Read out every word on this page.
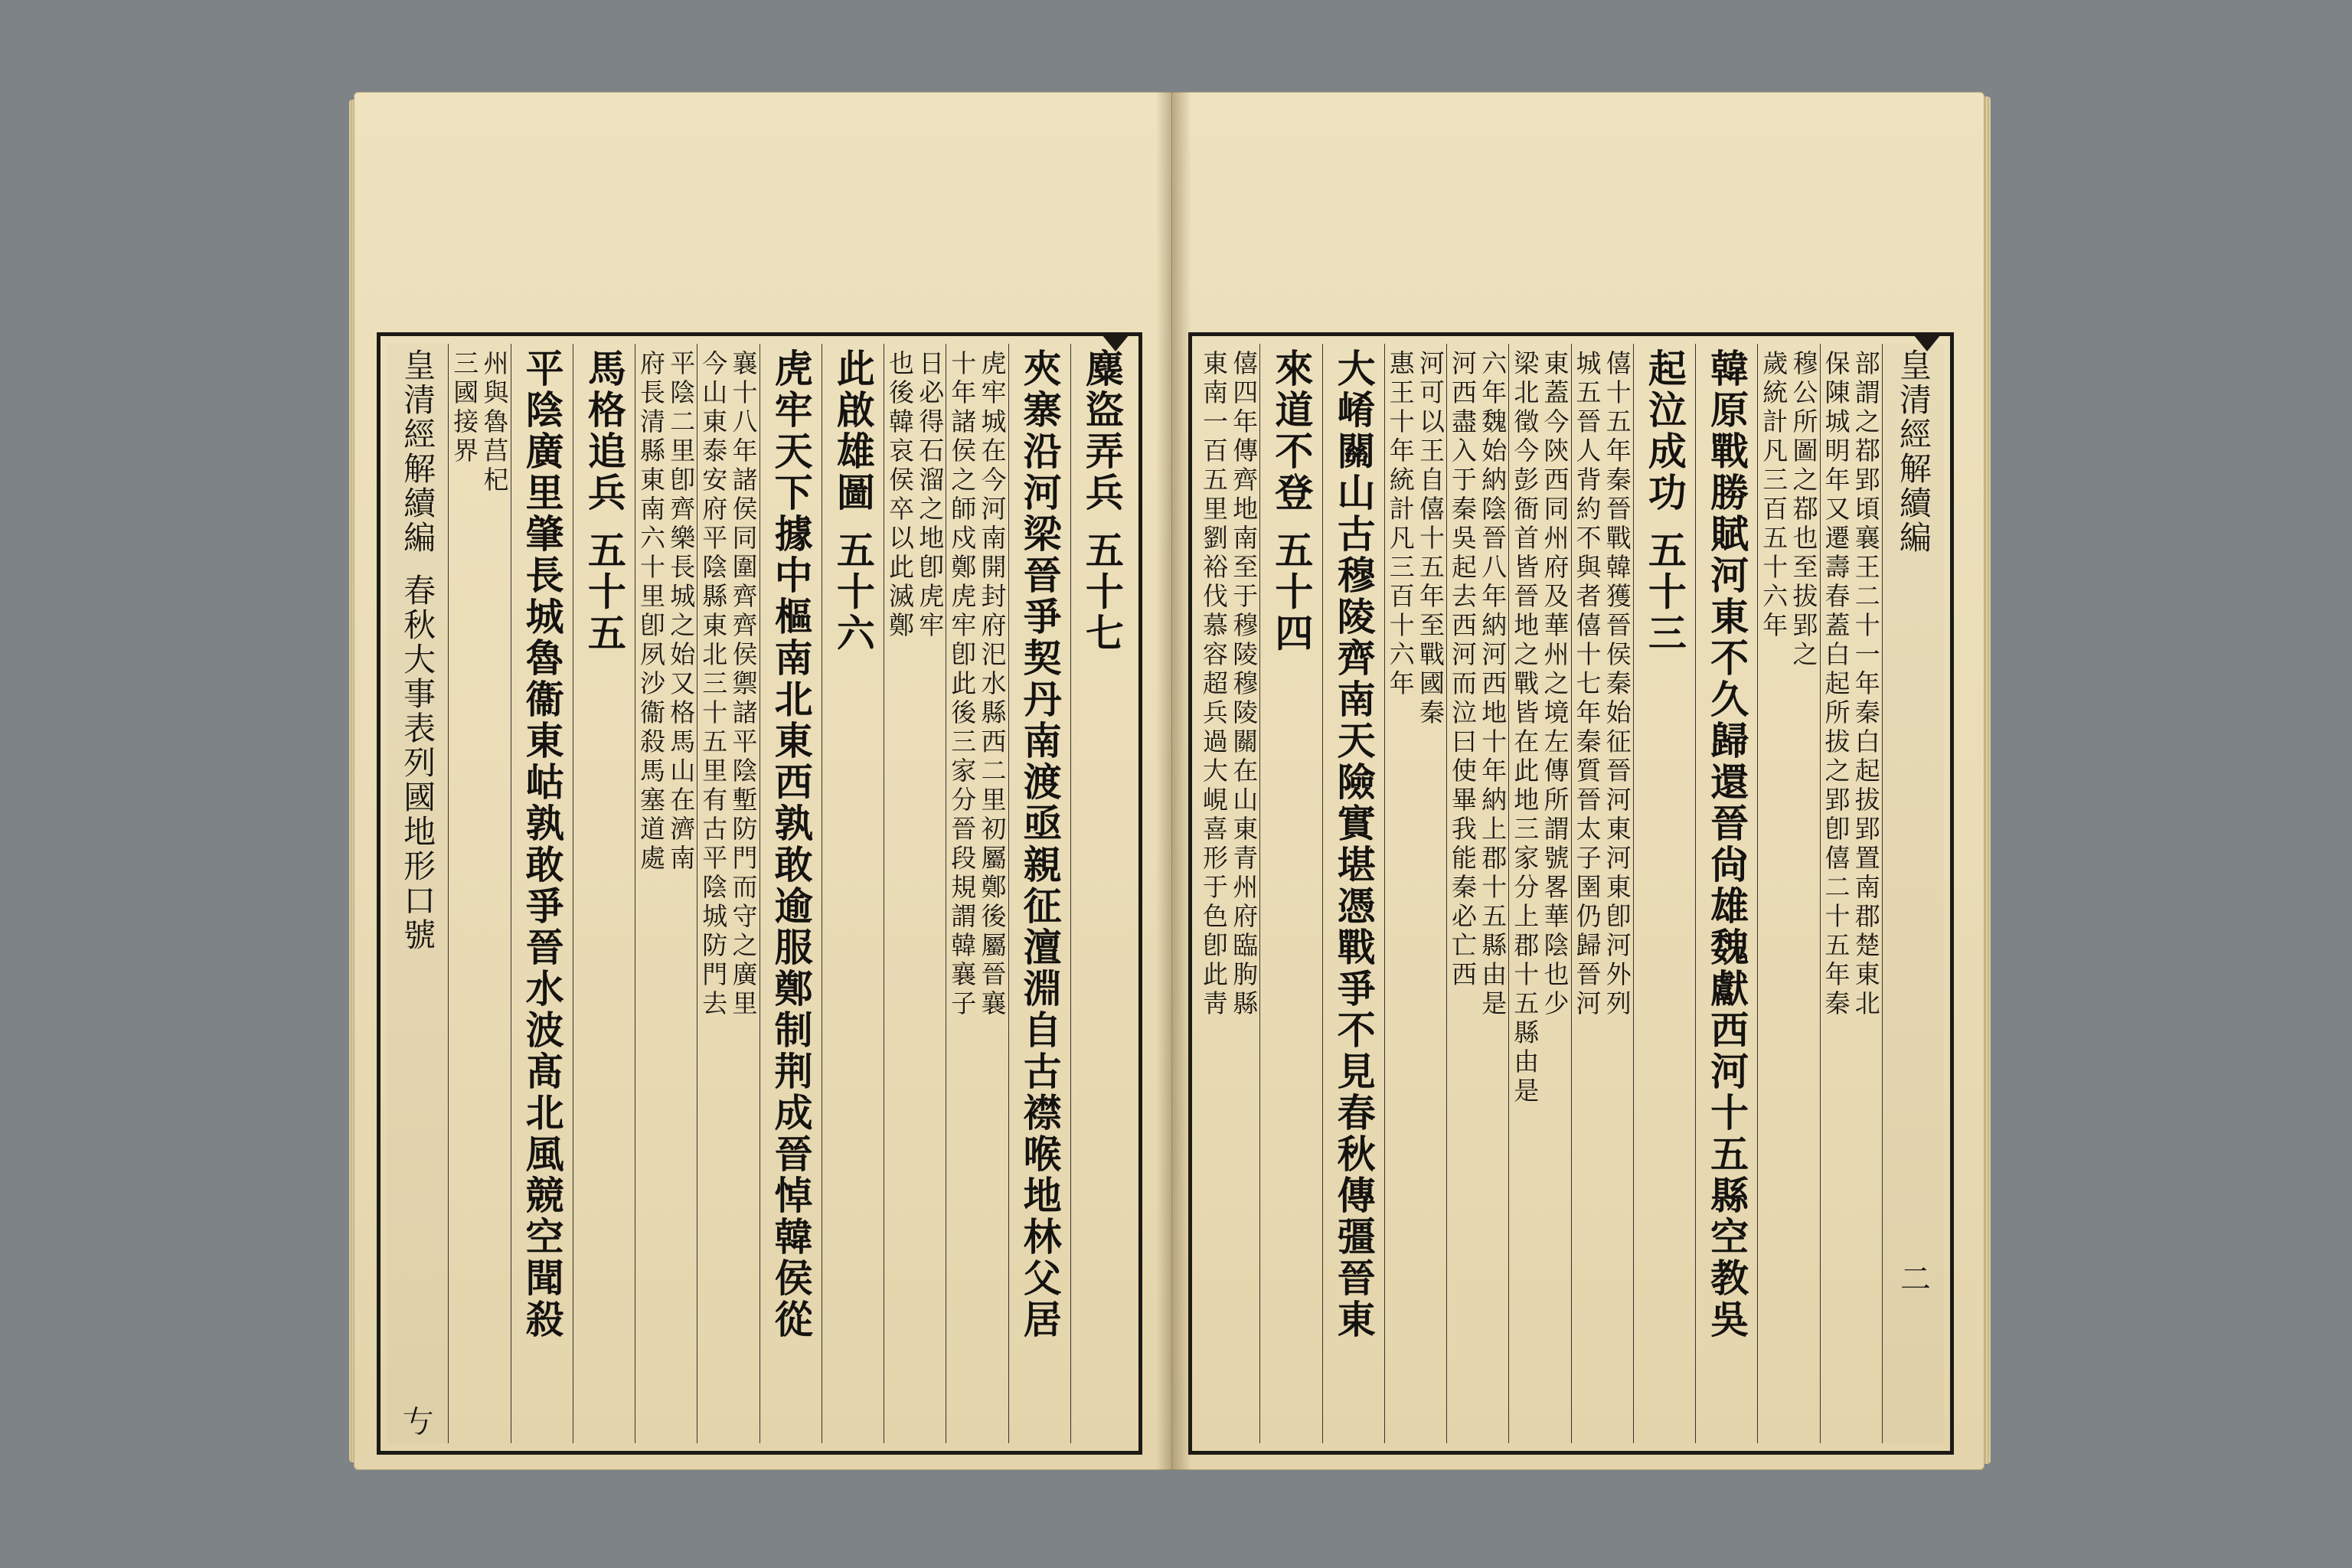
麋盜弄兵 五十七
夾寨沿河梁晉爭契丹南渡亟親征澶淵自古襟喉地林父居
虎牢城在今河南開封府汜水縣西二里初屬鄭後屬晉襄
十年諸侯之師戍鄭虎牢卽此後三家分晉段規謂韓襄子
日必得石溜之地卽虎牢
也後韓哀侯卒以此滅鄭
此啟雄圖 五十六
虎牢天下據中樞南北東西孰敢逾服鄭制荆成晉悼韓侯從
襄十八年諸侯同圍齊齊侯禦諸平陰塹防門而守之廣里
今山東泰安府平陰縣東北三十五里有古平陰城防門去
平陰二里卽齊樂長城之始又格馬山在濟南
府長清縣東南六十里卽夙沙衞殺馬塞道處
馬格追兵 五十五
平陰廣里肇長城魯衞東岵孰敢爭晉水波髙北風競空聞殺
州與魯莒杞
三國接界
皇清經解續編
春秋大事表列國地形口號
𠀁
皇清經解續編
二
部謂之鄀郢頃襄王二十一年秦白起拔郢置南郡楚東北
保陳城明年又遷壽春蓋白起所拔之郢卽僖二十五年秦
穆公所圖之鄀也至拔郢之
歲統計凡三百五十六年
韓原戰勝賦河東不久歸還晉尙雄魏獻西河十五縣空教吳
起泣成功 五十三
僖十五年秦晉戰韓獲晉侯秦始征晉河東河東卽河外列
城五晉人背約不與者僖十七年秦質晉太子圉仍歸晉河
東蓋今陝西同州府及華州之境左傳所謂號畧華陰也少
梁北徵今彭衙首皆晉地之戰皆在此地三家分上郡十五縣由是
六年魏始納陰晉八年納河西地十年納上郡十五縣由是
河西盡入于秦吳起去西河而泣曰使畢我能秦必亡西
河可以王自僖十五年至戰國秦
惠王十年統計凡三百十六年
大崤關山古穆陵齊南天險實堪憑戰爭不見春秋傳彊晉東
來道不登 五十四
僖四年傳齊地南至于穆陵穆陵關在山東青州府臨朐縣
東南一百五里劉裕伐慕容超兵過大峴喜形于色卽此靑
